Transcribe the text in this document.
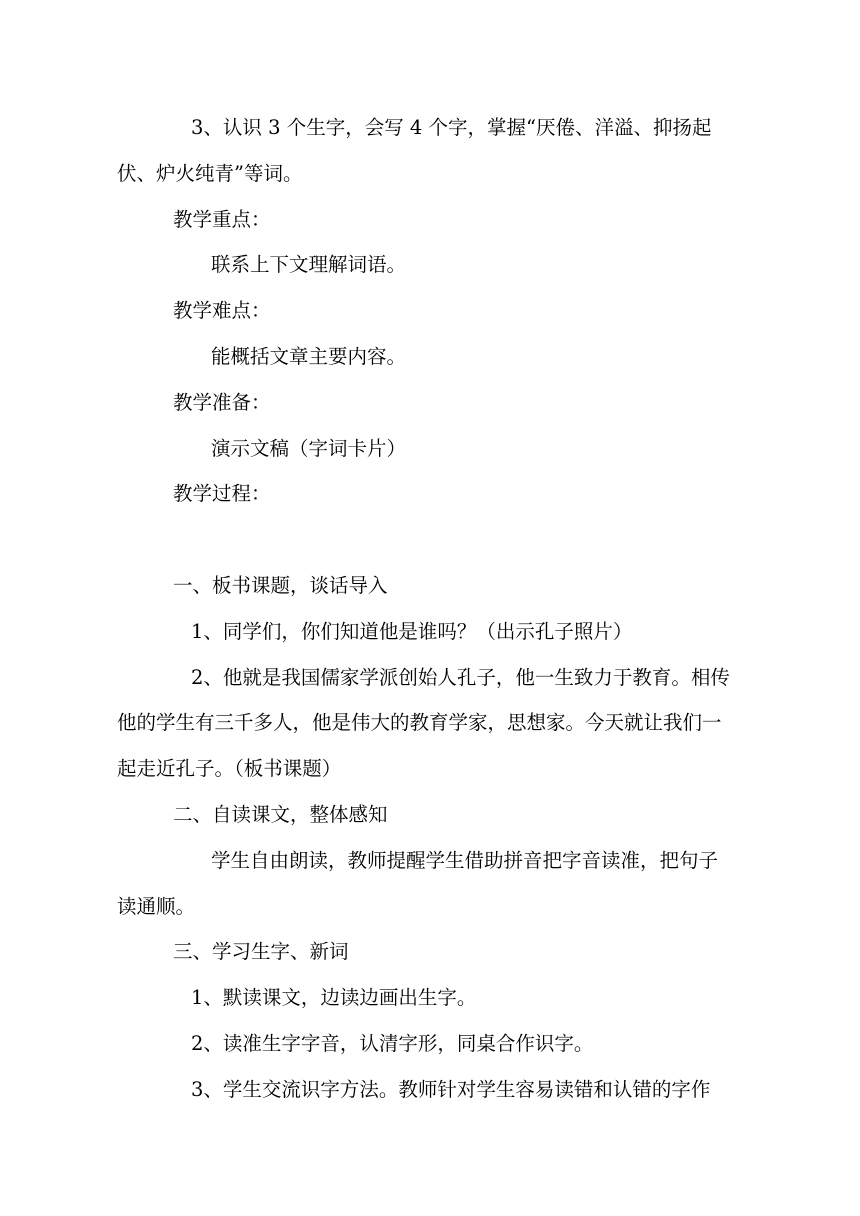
3、认识 3 个生字，会写 4 个字，掌握“厌倦、洋溢、抑扬起伏、炉火纯青”等词。

教学重点：

联系上下文理解词语。

教学难点：

能概括文章主要内容。

教学准备：

演示文稿（字词卡片）

教学过程：

一、板书课题，谈话导入

1、同学们，你们知道他是谁吗？（出示孔子照片）

2、他就是我国儒家学派创始人孔子，他一生致力于教育。相传他的学生有三千多人，他是伟大的教育学家，思想家。今天就让我们一起走近孔子。（板书课题）

二、自读课文，整体感知

学生自由朗读，教师提醒学生借助拼音把字音读准，把句子读通顺。

三、学习生字、新词

1、默读课文，边读边画出生字。

2、读准生字字音，认清字形，同桌合作识字。

3、学生交流识字方法。教师针对学生容易读错和认错的字作
